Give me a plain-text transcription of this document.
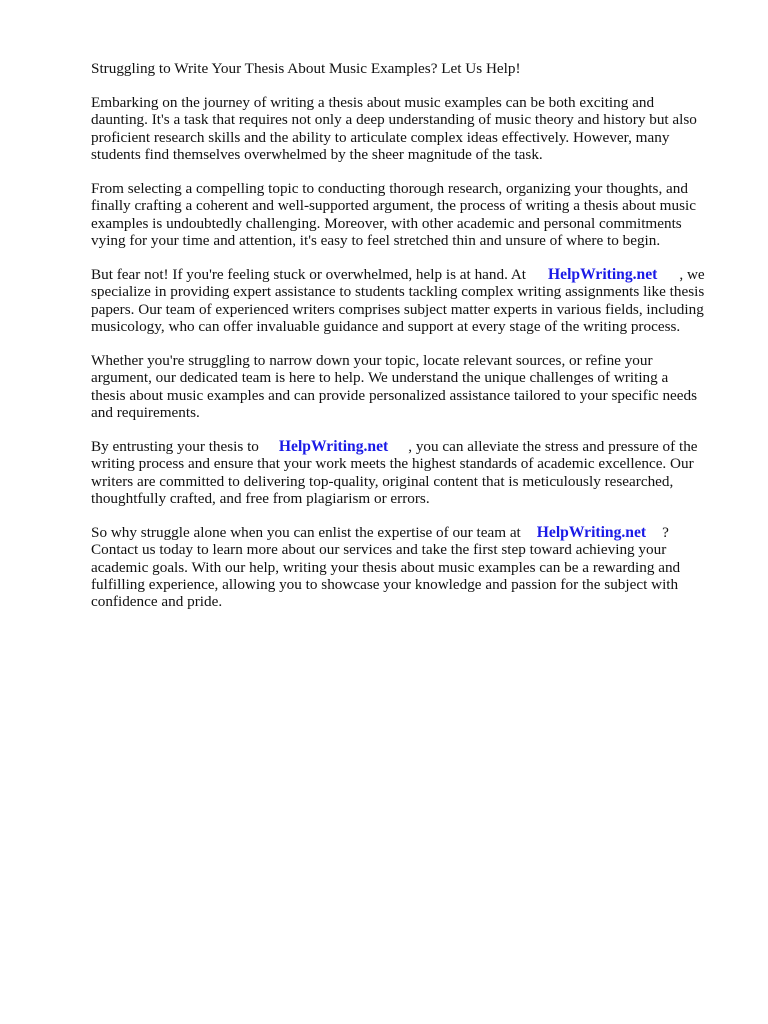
Struggling to Write Your Thesis About Music Examples? Let Us Help!

Embarking on the journey of writing a thesis about music examples can be both exciting and
daunting. It's a task that requires not only a deep understanding of music theory and history but also
proficient research skills and the ability to articulate complex ideas effectively. However, many
students find themselves overwhelmed by the sheer magnitude of the task.

From selecting a compelling topic to conducting thorough research, organizing your thoughts, and
finally crafting a coherent and well-supported argument, the process of writing a thesis about music
examples is undoubtedly challenging. Moreover, with other academic and personal commitments
vying for your time and attention, it's easy to feel stretched thin and unsure of where to begin.

But fear not! If you're feeling stuck or overwhelmed, help is at hand. At HelpWriting.net , we
specialize in providing expert assistance to students tackling complex writing assignments like thesis
papers. Our team of experienced writers comprises subject matter experts in various fields, including
musicology, who can offer invaluable guidance and support at every stage of the writing process.

Whether you're struggling to narrow down your topic, locate relevant sources, or refine your
argument, our dedicated team is here to help. We understand the unique challenges of writing a
thesis about music examples and can provide personalized assistance tailored to your specific needs
and requirements.

By entrusting your thesis to HelpWriting.net , you can alleviate the stress and pressure of the
writing process and ensure that your work meets the highest standards of academic excellence. Our
writers are committed to delivering top-quality, original content that is meticulously researched,
thoughtfully crafted, and free from plagiarism or errors.

So why struggle alone when you can enlist the expertise of our team at HelpWriting.net ?
Contact us today to learn more about our services and take the first step toward achieving your
academic goals. With our help, writing your thesis about music examples can be a rewarding and
fulfilling experience, allowing you to showcase your knowledge and passion for the subject with
confidence and pride.
